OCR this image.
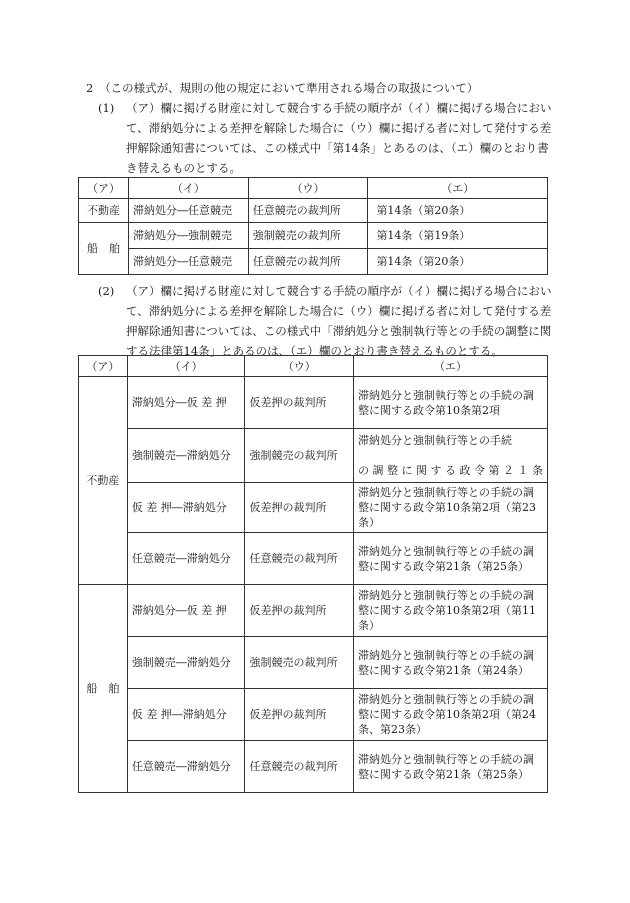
2　（この様式が、規則の他の規定において準用される場合の取扱について）
(1) （ア）欄に掲げる財産に対して競合する手続の順序が（イ）欄に掲げる場合において、滞納処分による差押を解除した場合に（ウ）欄に掲げる者に対して発付する差押解除通知書については、この様式中「第14条」とあるのは、（エ）欄のとおり書き替えるものとする。
（ア）	（イ）	（ウ）	（エ）
不動産	滞納処分―任意競売	任意競売の裁判所	第14条（第20条）
船　舶	滞納処分―強制競売	強制競売の裁判所	第14条（第19条）
	滞納処分―任意競売	任意競売の裁判所	第14条（第20条）
(2) （ア）欄に掲げる財産に対して競合する手続の順序が（イ）欄に掲げる場合において、滞納処分による差押を解除した場合に（ウ）欄に掲げる者に対して発付する差押解除通知書については、この様式中「滞納処分と強制執行等との手続の調整に関する法律第14条」とあるのは、（エ）欄のとおり書き替えるものとする。
（ア）	（イ）	（ウ）	（エ）
不動産	滞納処分―仮 差 押	仮差押の裁判所	滞納処分と強制執行等との手続の調整に関する政令第10条第2項
	強制競売―滞納処分	強制競売の裁判所	滞納処分と強制執行等との手続
の 調 整 に 関 す る 政 令 第 ２ １ 条

	仮 差 押―滞納処分	仮差押の裁判所	滞納処分と強制執行等との手続の調整に関する政令第10条第2項（第23条）
	任意競売―滞納処分	任意競売の裁判所	滞納処分と強制執行等との手続の調整に関する政令第21条（第25条）
船　舶	滞納処分―仮 差 押	仮差押の裁判所	滞納処分と強制執行等との手続の調整に関する政令第10条第2項（第11条）
	強制競売―滞納処分	強制競売の裁判所	滞納処分と強制執行等との手続の調整に関する政令第21条（第24条）
	仮 差 押―滞納処分	仮差押の裁判所	滞納処分と強制執行等との手続の調整に関する政令第10条第2項（第24条、第23条）
	任意競売―滞納処分	任意競売の裁判所	滞納処分と強制執行等との手続の調整に関する政令第21条（第25条）
